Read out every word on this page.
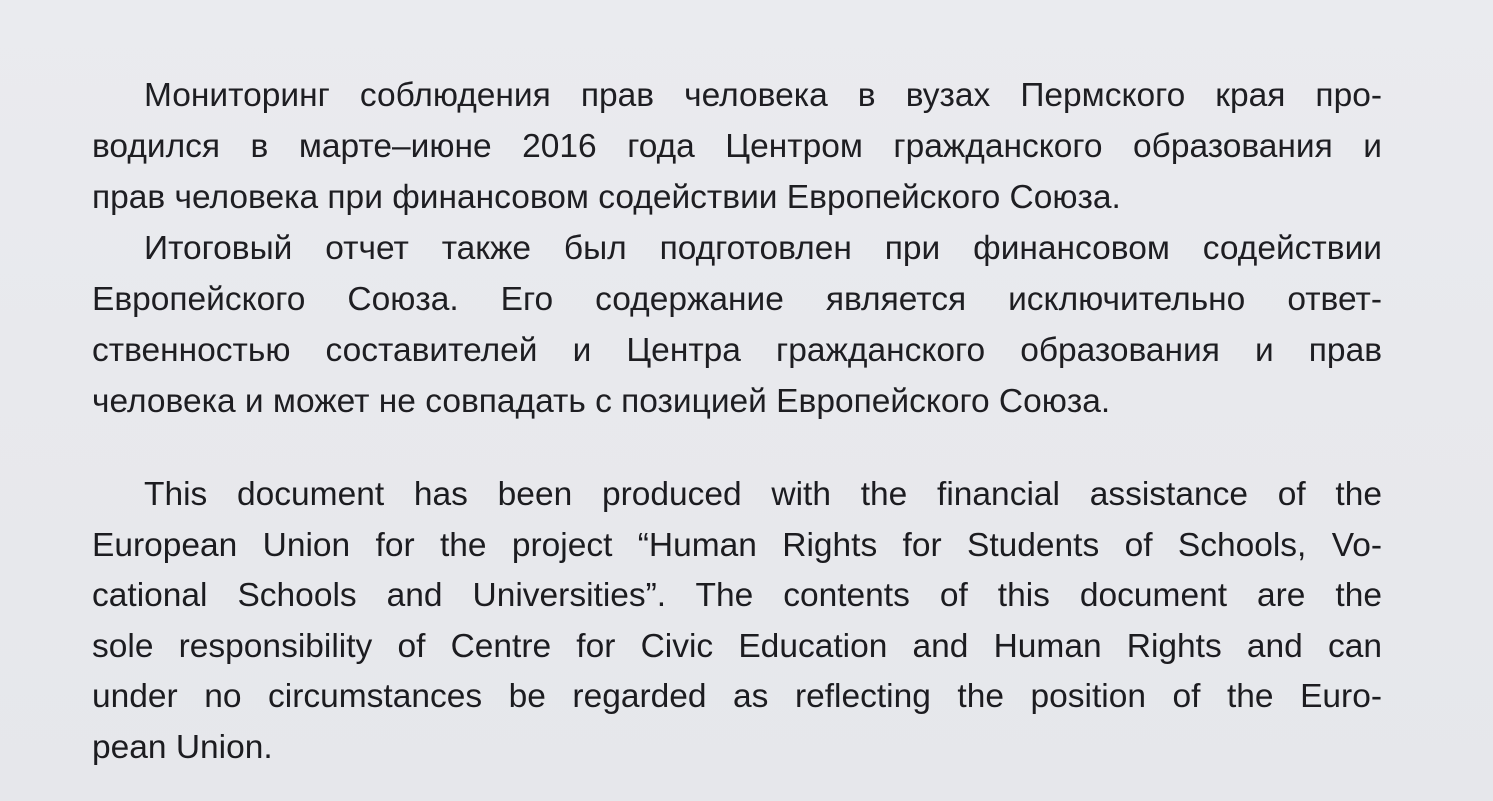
Мониторинг соблюдения прав человека в вузах Пермского края про-
водился в марте–июне 2016 года Центром гражданского образования и
прав человека при финансовом содействии Европейского Союза.

Итоговый отчет также был подготовлен при финансовом содействии
Европейского Союза. Его содержание является исключительно ответ-
ственностью составителей и Центра гражданского образования и прав
человека и может не совпадать с позицией Европейского Союза.

This document has been produced with the financial assistance of the
European Union for the project “Human Rights for Students of Schools, Vo-
cational Schools and Universities”. The contents of this document are the
sole responsibility of Centre for Civic Education and Human Rights and can
under no circumstances be regarded as reflecting the position of the Euro-
pean Union.
